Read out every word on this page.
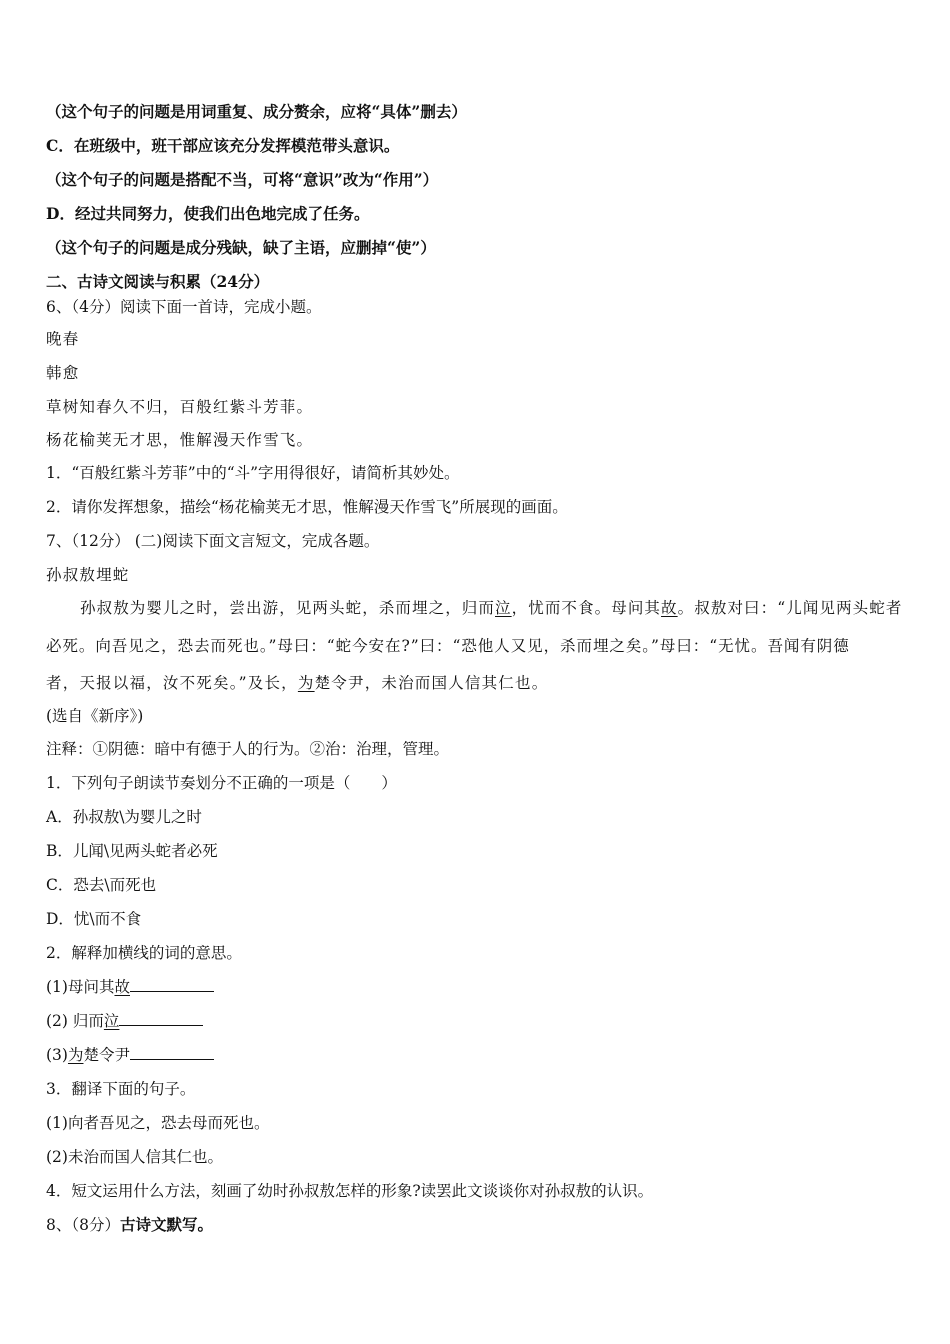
（这个句子的问题是用词重复、成分赘余，应将“具体”删去）
C．在班级中，班干部应该充分发挥模范带头意识。
（这个句子的问题是搭配不当，可将“意识”改为“作用”）
D．经过共同努力，使我们出色地完成了任务。
（这个句子的问题是成分残缺，缺了主语，应删掉“使”）
二、古诗文阅读与积累（24分）
6、（4分）阅读下面一首诗，完成小题。
晚春
韩愈
草树知春久不归，百般红紫斗芳菲。
杨花榆荚无才思，惟解漫天作雪飞。
1．“百般红紫斗芳菲”中的“斗”字用得很好，请简析其妙处。
2．请你发挥想象，描绘“杨花榆荚无才思，惟解漫天作雪飞”所展现的画面。
7、（12分） (二)阅读下面文言短文，完成各题。
孙叔敖埋蛇
孙叔敖为婴儿之时，尝出游，见两头蛇，杀而埋之，归而泣，忧而不食。母问其故。叔敖对曰：“儿闻见两头蛇者
必死。向吾见之，恐去而死也。”母曰：“蛇今安在?”曰：“恐他人又见，杀而埋之矣。”母曰：“无忧。吾闻有阴德
者，天报以福，汝不死矣。”及长，为楚令尹，未治而国人信其仁也。
(选自《新序》)
注释：①阴德：暗中有德于人的行为。②治：治理，管理。
1．下列句子朗读节奏划分不正确的一项是（　　）
A．孙叔敖\为婴儿之时
B．儿闻\见两头蛇者必死
C．恐去\而死也
D．忧\而不食
2．解释加横线的词的意思。
(1)母问其故
(2) 归而泣
(3)为楚令尹
3．翻译下面的句子。
(1)向者吾见之，恐去母而死也。
(2)未治而国人信其仁也。
4．短文运用什么方法，刻画了幼时孙叔敖怎样的形象?读罢此文谈谈你对孙叔敖的认识。
8、（8分）古诗文默写。
